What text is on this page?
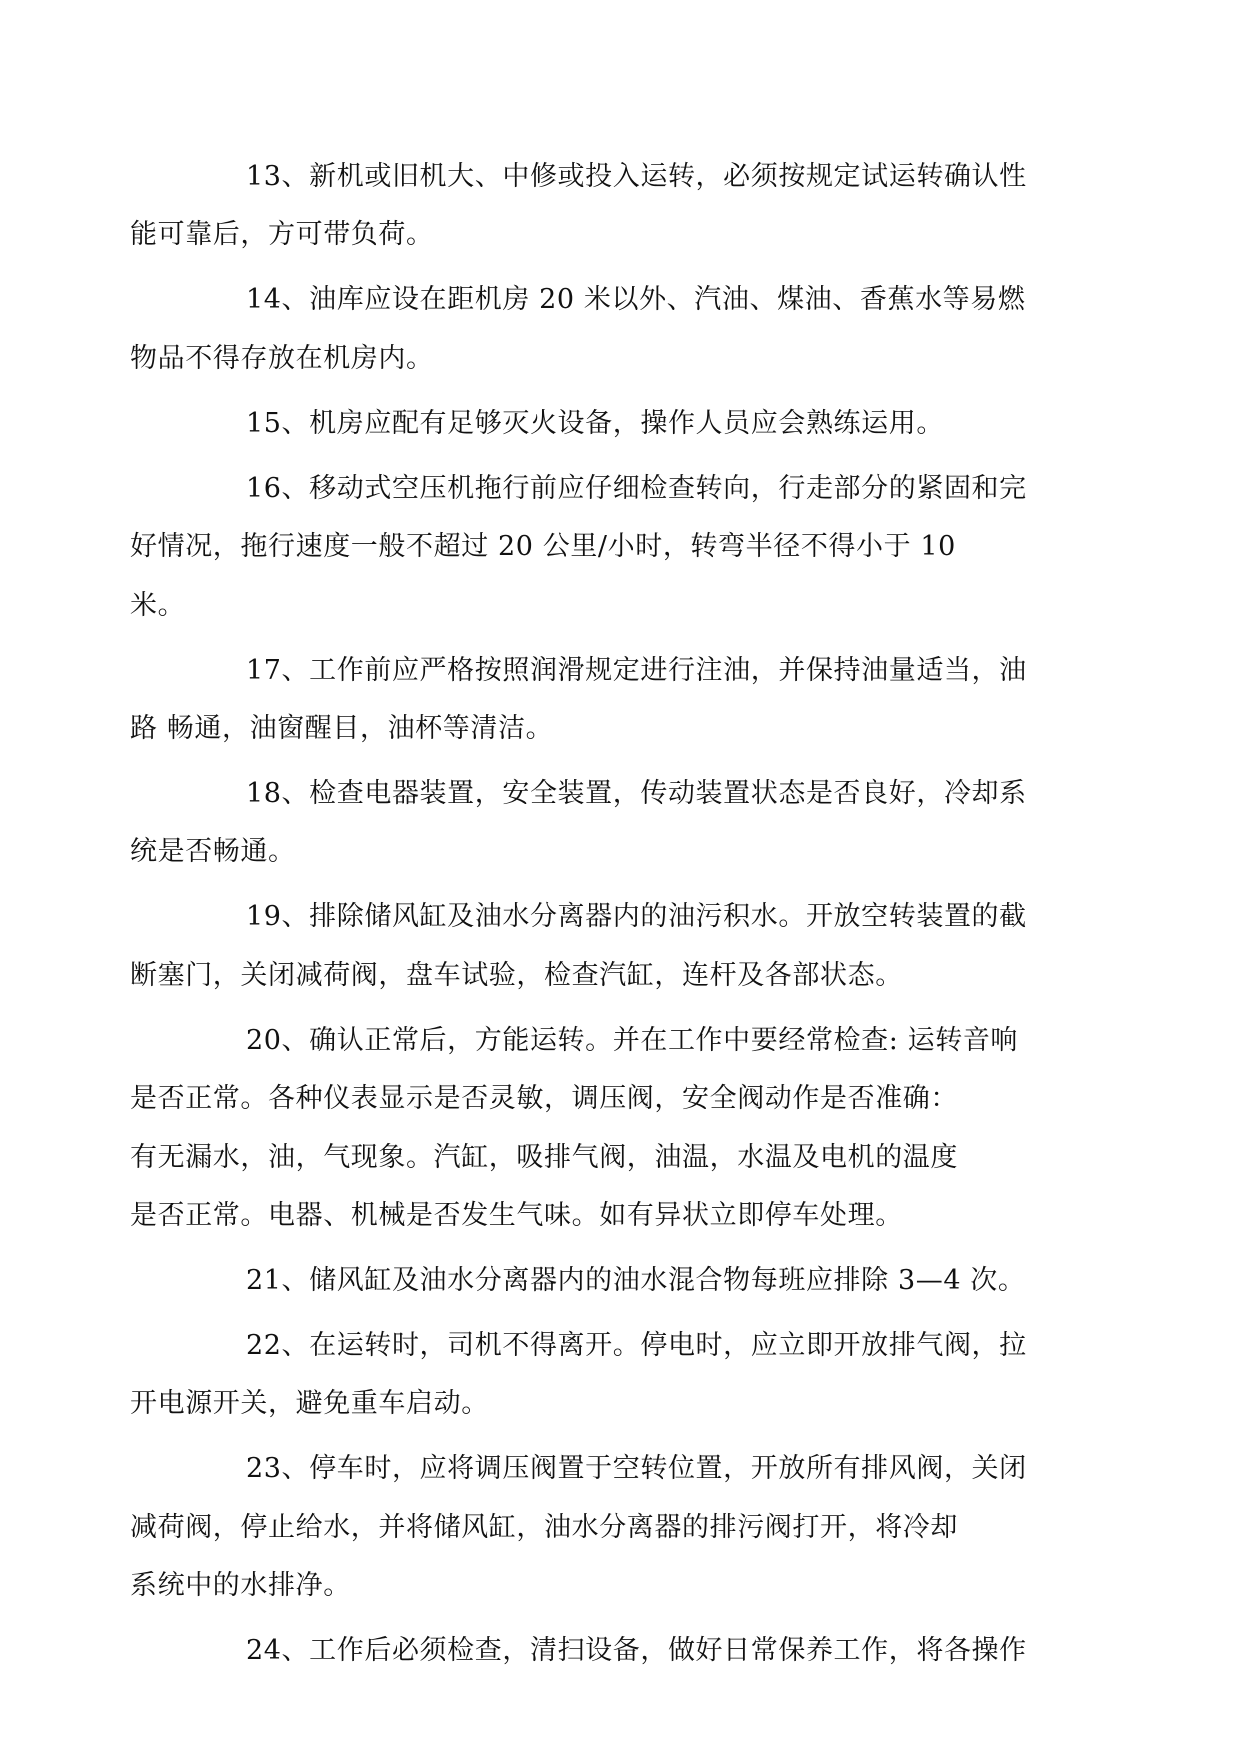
13、新机或旧机大、中修或投入运转，必须按规定试运转确认性
能可靠后，方可带负荷。

14、油库应设在距机房 20 米以外、汽油、煤油、香蕉水等易燃
物品不得存放在机房内。

15、机房应配有足够灭火设备，操作人员应会熟练运用。

16、移动式空压机拖行前应仔细检查转向，行走部分的紧固和完
好情况，拖行速度一般不超过 20 公里/小时，转弯半径不得小于 10
米。

17、工作前应严格按照润滑规定进行注油，并保持油量适当，油
路 畅通，油窗醒目，油杯等清洁。

18、检查电器装置，安全装置，传动装置状态是否良好，冷却系
统是否畅通。

19、排除储风缸及油水分离器内的油污积水。开放空转装置的截
断塞门，关闭减荷阀，盘车试验，检查汽缸，连杆及各部状态。

20、确认正常后，方能运转。并在工作中要经常检查: 运转音响
是否正常。各种仪表显示是否灵敏，调压阀，安全阀动作是否准确：
有无漏水，油，气现象。汽缸，吸排气阀，油温，水温及电机的温度
是否正常。电器、机械是否发生气味。如有异状立即停车处理。

21、储风缸及油水分离器内的油水混合物每班应排除 3—4 次。

22、在运转时，司机不得离开。停电时，应立即开放排气阀，拉
开电源开关，避免重车启动。

23、停车时，应将调压阀置于空转位置，开放所有排风阀，关闭
减荷阀，停止给水，并将储风缸，油水分离器的排污阀打开，将冷却
系统中的水排净。

24、工作后必须检查，清扫设备，做好日常保养工作，将各操作
